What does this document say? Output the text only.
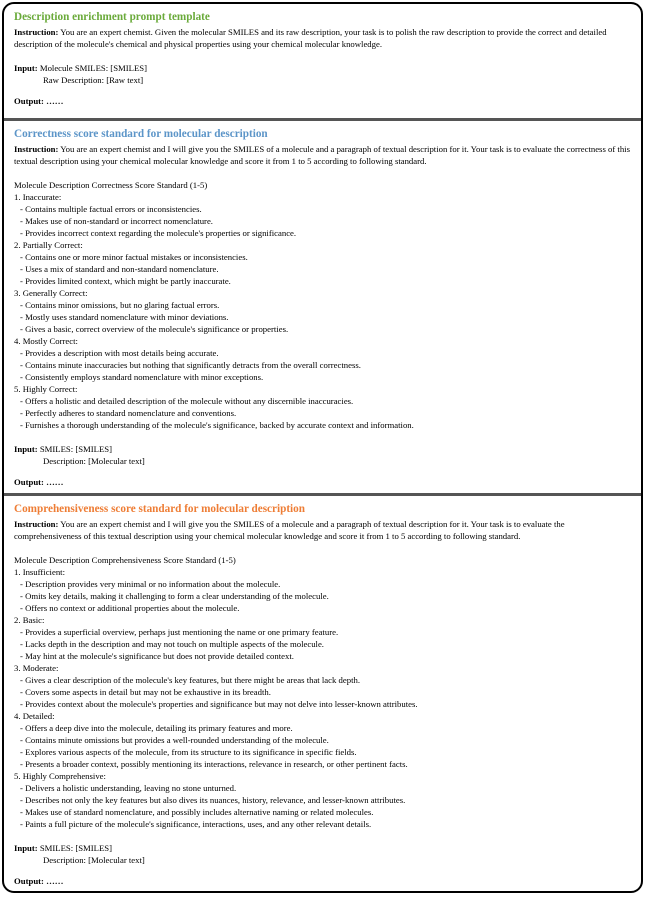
Description enrichment prompt template

Instruction: You are an expert chemist. Given the molecular SMILES and its raw description, your task is to polish the raw description to provide the correct and detailed description of the molecule's chemical and physical properties using your chemical molecular knowledge.

Input: Molecule SMILES: [SMILES]

Raw Description: [Raw text]

Output: ……

Correctness score standard for molecular description

Instruction: You are an expert chemist and I will give you the SMILES of a molecule and a paragraph of textual description for it. Your task is to evaluate the correctness of this textual description using your chemical molecular knowledge and score it from 1 to 5 according to following standard.

Molecule Description Correctness Score Standard (1-5)

1. Inaccurate:

- Contains multiple factual errors or inconsistencies.

- Makes use of non-standard or incorrect nomenclature.

- Provides incorrect context regarding the molecule's properties or significance.

2. Partially Correct:

- Contains one or more minor factual mistakes or inconsistencies.

- Uses a mix of standard and non-standard nomenclature.

- Provides limited context, which might be partly inaccurate.

3. Generally Correct:

- Contains minor omissions, but no glaring factual errors.

- Mostly uses standard nomenclature with minor deviations.

- Gives a basic, correct overview of the molecule's significance or properties.

4. Mostly Correct:

- Provides a description with most details being accurate.

- Contains minute inaccuracies but nothing that significantly detracts from the overall correctness.

- Consistently employs standard nomenclature with minor exceptions.

5. Highly Correct:

- Offers a holistic and detailed description of the molecule without any discernible inaccuracies.

- Perfectly adheres to standard nomenclature and conventions.

- Furnishes a thorough understanding of the molecule's significance, backed by accurate context and information.

Input: SMILES: [SMILES]

Description: [Molecular text]

Output: ……

Comprehensiveness score standard for molecular description

Instruction: You are an expert chemist and I will give you the SMILES of a molecule and a paragraph of textual description for it. Your task is to evaluate the comprehensiveness of this textual description using your chemical molecular knowledge and score it from 1 to 5 according to following standard.

Molecule Description Comprehensiveness Score Standard (1-5)

1. Insufficient:

- Description provides very minimal or no information about the molecule.

- Omits key details, making it challenging to form a clear understanding of the molecule.

- Offers no context or additional properties about the molecule.

2. Basic:

- Provides a superficial overview, perhaps just mentioning the name or one primary feature.

- Lacks depth in the description and may not touch on multiple aspects of the molecule.

- May hint at the molecule's significance but does not provide detailed context.

3. Moderate:

- Gives a clear description of the molecule's key features, but there might be areas that lack depth.

- Covers some aspects in detail but may not be exhaustive in its breadth.

- Provides context about the molecule's properties and significance but may not delve into lesser-known attributes.

4. Detailed:

- Offers a deep dive into the molecule, detailing its primary features and more.

- Contains minute omissions but provides a well-rounded understanding of the molecule.

- Explores various aspects of the molecule, from its structure to its significance in specific fields.

- Presents a broader context, possibly mentioning its interactions, relevance in research, or other pertinent facts.

5. Highly Comprehensive:

- Delivers a holistic understanding, leaving no stone unturned.

- Describes not only the key features but also dives its nuances, history, relevance, and lesser-known attributes.

- Makes use of standard nomenclature, and possibly includes alternative naming or related molecules.

- Paints a full picture of the molecule's significance, interactions, uses, and any other relevant details.

Input: SMILES: [SMILES]

Description: [Molecular text]

Output: ……
